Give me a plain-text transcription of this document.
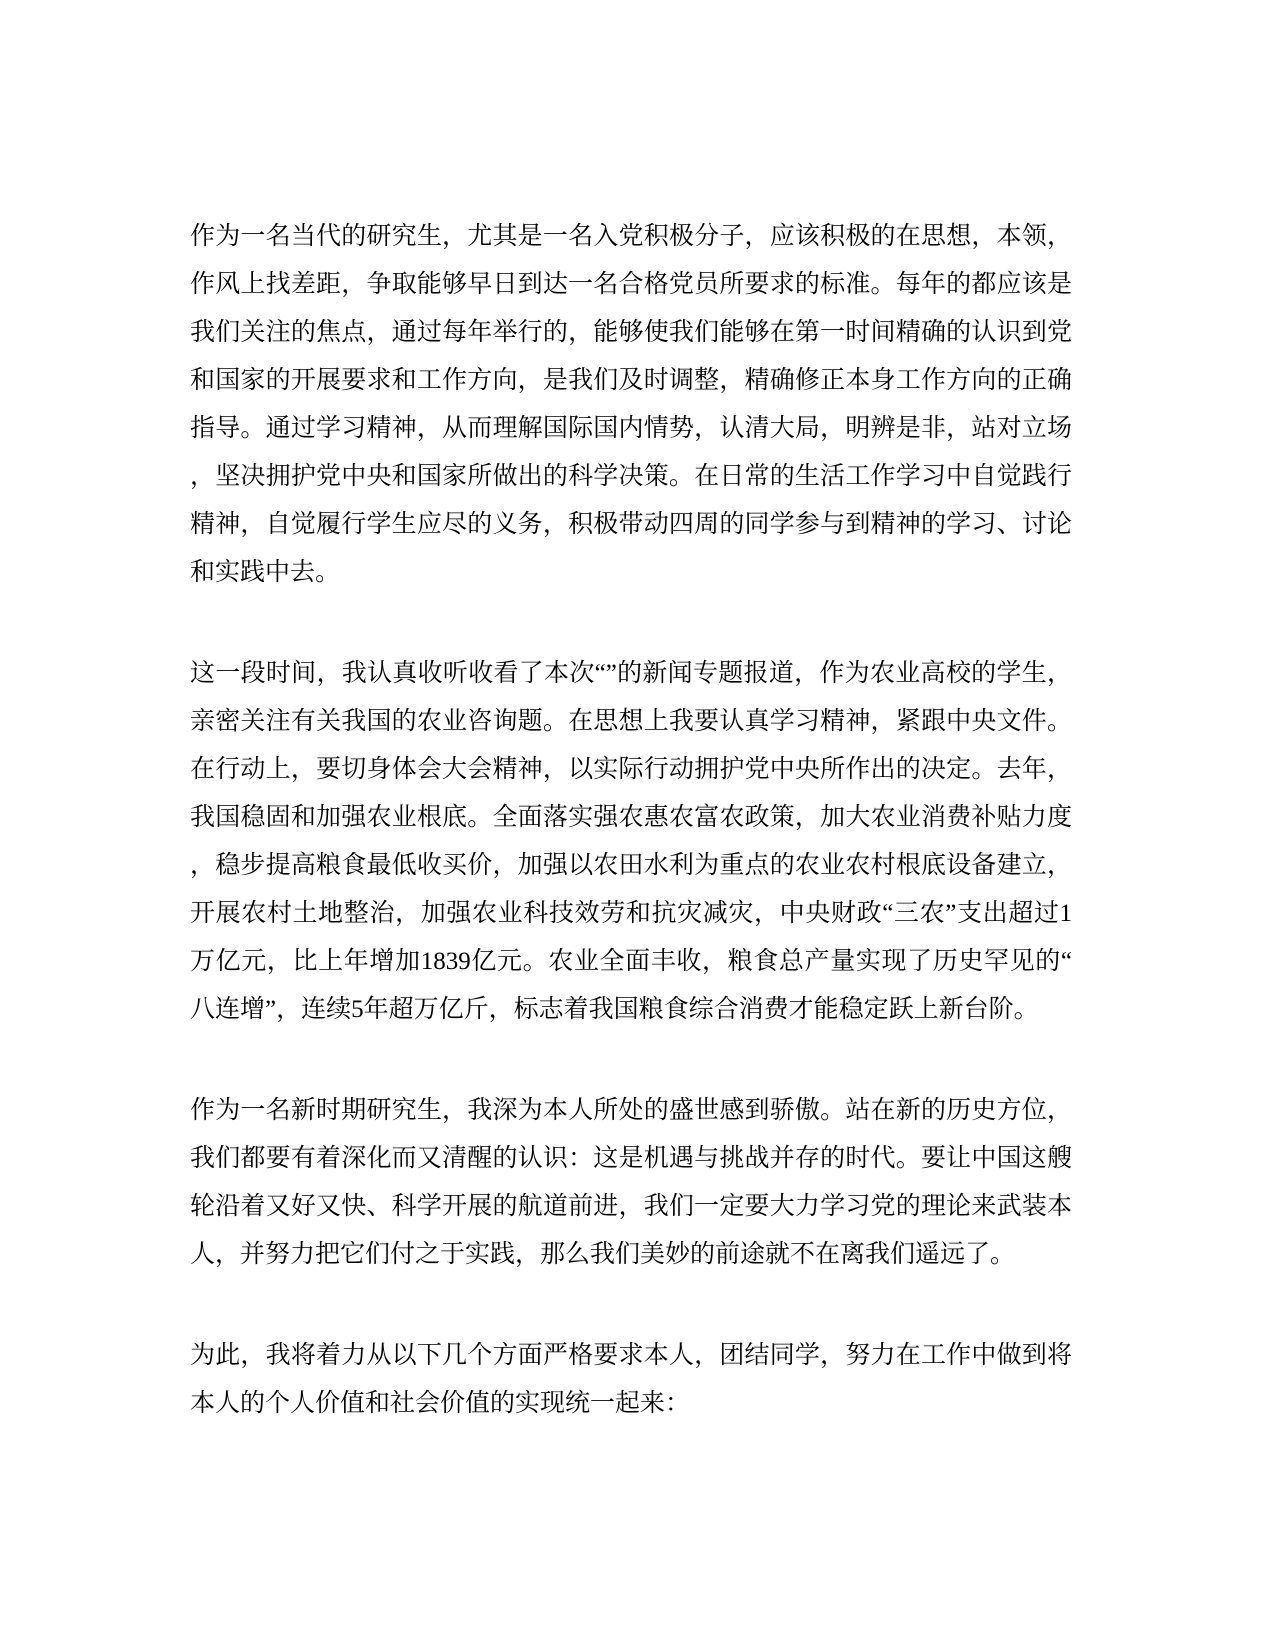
作为一名当代的研究生，尤其是一名入党积极分子，应该积极的在思想，本领，
作风上找差距，争取能够早日到达一名合格党员所要求的标准。每年的都应该是
我们关注的焦点，通过每年举行的，能够使我们能够在第一时间精确的认识到党
和国家的开展要求和工作方向，是我们及时调整，精确修正本身工作方向的正确
指导。通过学习精神，从而理解国际国内情势，认清大局，明辨是非，站对立场
，坚决拥护党中央和国家所做出的科学决策。在日常的生活工作学习中自觉践行
精神，自觉履行学生应尽的义务，积极带动四周的同学参与到精神的学习、讨论
和实践中去。

这一段时间，我认真收听收看了本次“”的新闻专题报道，作为农业高校的学生，
亲密关注有关我国的农业咨询题。在思想上我要认真学习精神，紧跟中央文件。
在行动上，要切身体会大会精神，以实际行动拥护党中央所作出的决定。去年，
我国稳固和加强农业根底。全面落实强农惠农富农政策，加大农业消费补贴力度
，稳步提高粮食最低收买价，加强以农田水利为重点的农业农村根底设备建立，
开展农村土地整治，加强农业科技效劳和抗灾减灾，中央财政“三农”支出超过1
万亿元，比上年增加1839亿元。农业全面丰收，粮食总产量实现了历史罕见的“
八连增”，连续5年超万亿斤，标志着我国粮食综合消费才能稳定跃上新台阶。

作为一名新时期研究生，我深为本人所处的盛世感到骄傲。站在新的历史方位，
我们都要有着深化而又清醒的认识：这是机遇与挑战并存的时代。要让中国这艘
轮沿着又好又快、科学开展的航道前进，我们一定要大力学习党的理论来武装本
人，并努力把它们付之于实践，那么我们美妙的前途就不在离我们遥远了。

为此，我将着力从以下几个方面严格要求本人，团结同学，努力在工作中做到将
本人的个人价值和社会价值的实现统一起来：
